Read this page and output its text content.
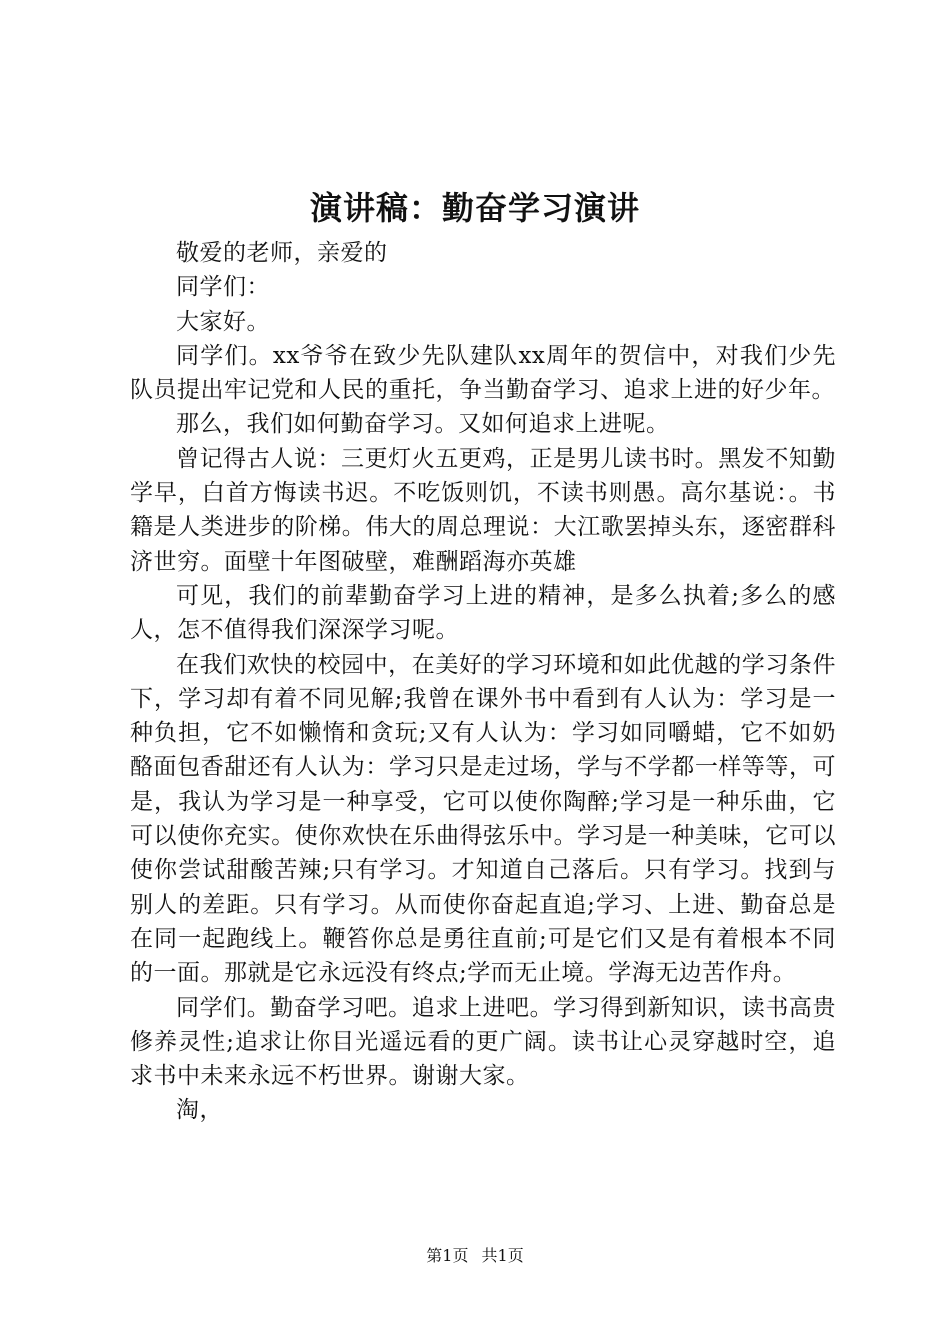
演讲稿：勤奋学习演讲

敬爱的老师，亲爱的

同学们：

大家好。

同学们。xx爷爷在致少先队建队xx周年的贺信中，对我们少先队员提出牢记党和人民的重托，争当勤奋学习、追求上进的好少年。

那么，我们如何勤奋学习。又如何追求上进呢。

曾记得古人说：三更灯火五更鸡，正是男儿读书时。黑发不知勤学早，白首方悔读书迟。不吃饭则饥，不读书则愚。高尔基说：。书籍是人类进步的阶梯。伟大的周总理说：大江歌罢掉头东，逐密群科济世穷。面壁十年图破壁，难酬蹈海亦英雄

可见，我们的前辈勤奋学习上进的精神，是多么执着;多么的感人，怎不值得我们深深学习呢。

在我们欢快的校园中，在美好的学习环境和如此优越的学习条件下，学习却有着不同见解;我曾在课外书中看到有人认为：学习是一种负担，它不如懒惰和贪玩;又有人认为：学习如同嚼蜡，它不如奶酪面包香甜还有人认为：学习只是走过场，学与不学都一样等等，可是，我认为学习是一种享受，它可以使你陶醉;学习是一种乐曲，它可以使你充实。使你欢快在乐曲得弦乐中。学习是一种美味，它可以使你尝试甜酸苦辣;只有学习。才知道自己落后。只有学习。找到与别人的差距。只有学习。从而使你奋起直追;学习、上进、勤奋总是在同一起跑线上。鞭笞你总是勇往直前;可是它们又是有着根本不同的一面。那就是它永远没有终点;学而无止境。学海无边苦作舟。

同学们。勤奋学习吧。追求上进吧。学习得到新知识，读书高贵修养灵性;追求让你目光遥远看的更广阔。读书让心灵穿越时空，追求书中未来永远不朽世界。谢谢大家。

淘，

第1页 共1页
